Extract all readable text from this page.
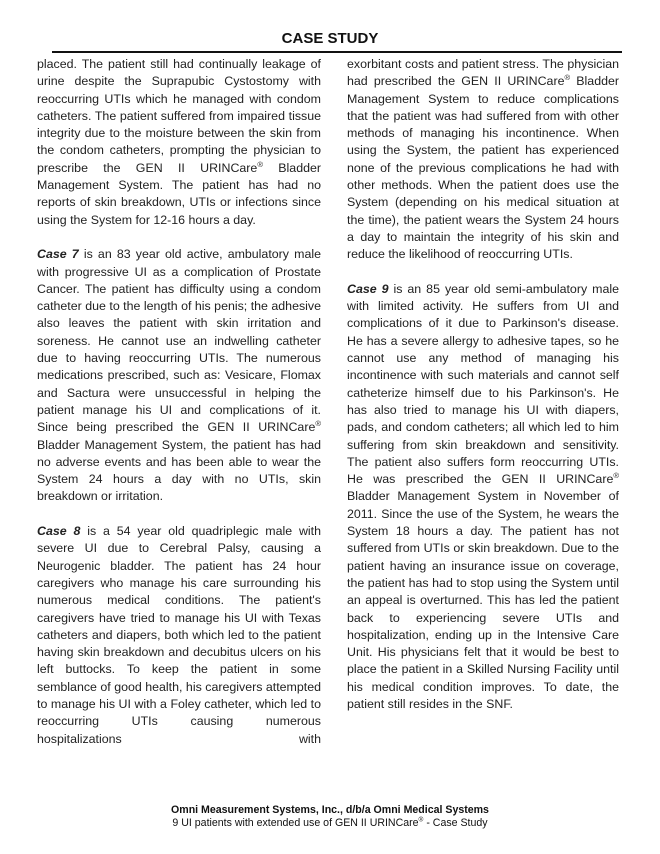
CASE STUDY

placed. The patient still had continually leakage of urine despite the Suprapubic Cystostomy with reoccurring UTIs which he managed with condom catheters. The patient suffered from impaired tissue integrity due to the moisture between the skin from the condom catheters, prompting the physician to prescribe the GEN II URINCare® Bladder Management System. The patient has had no reports of skin breakdown, UTIs or infections since using the System for 12-16 hours a day.

Case 7 is an 83 year old active, ambulatory male with progressive UI as a complication of Prostate Cancer. The patient has difficulty using a condom catheter due to the length of his penis; the adhesive also leaves the patient with skin irritation and soreness. He cannot use an indwelling catheter due to having reoccurring UTIs. The numerous medications prescribed, such as: Vesicare, Flomax and Sactura were unsuccessful in helping the patient manage his UI and complications of it. Since being prescribed the GEN II URINCare® Bladder Management System, the patient has had no adverse events and has been able to wear the System 24 hours a day with no UTIs, skin breakdown or irritation.

Case 8 is a 54 year old quadriplegic male with severe UI due to Cerebral Palsy, causing a Neurogenic bladder. The patient has 24 hour caregivers who manage his care surrounding his numerous medical conditions. The patient's caregivers have tried to manage his UI with Texas catheters and diapers, both which led to the patient having skin breakdown and decubitus ulcers on his left buttocks. To keep the patient in some semblance of good health, his caregivers attempted to manage his UI with a Foley catheter, which led to reoccurring UTIs causing numerous hospitalizations with

exorbitant costs and patient stress. The physician had prescribed the GEN II URINCare® Bladder Management System to reduce complications that the patient was had suffered from with other methods of managing his incontinence. When using the System, the patient has experienced none of the previous complications he had with other methods. When the patient does use the System (depending on his medical situation at the time), the patient wears the System 24 hours a day to maintain the integrity of his skin and reduce the likelihood of reoccurring UTIs.

Case 9 is an 85 year old semi-ambulatory male with limited activity. He suffers from UI and complications of it due to Parkinson's disease. He has a severe allergy to adhesive tapes, so he cannot use any method of managing his incontinence with such materials and cannot self catheterize himself due to his Parkinson's. He has also tried to manage his UI with diapers, pads, and condom catheters; all which led to him suffering from skin breakdown and sensitivity. The patient also suffers form reoccurring UTIs. He was prescribed the GEN II URINCare® Bladder Management System in November of 2011. Since the use of the System, he wears the System 18 hours a day. The patient has not suffered from UTIs or skin breakdown. Due to the patient having an insurance issue on coverage, the patient has had to stop using the System until an appeal is overturned. This has led the patient back to experiencing severe UTIs and hospitalization, ending up in the Intensive Care Unit. His physicians felt that it would be best to place the patient in a Skilled Nursing Facility until his medical condition improves. To date, the patient still resides in the SNF.

Omni Measurement Systems, Inc., d/b/a Omni Medical Systems
9 UI patients with extended use of GEN II URINCare® - Case Study
